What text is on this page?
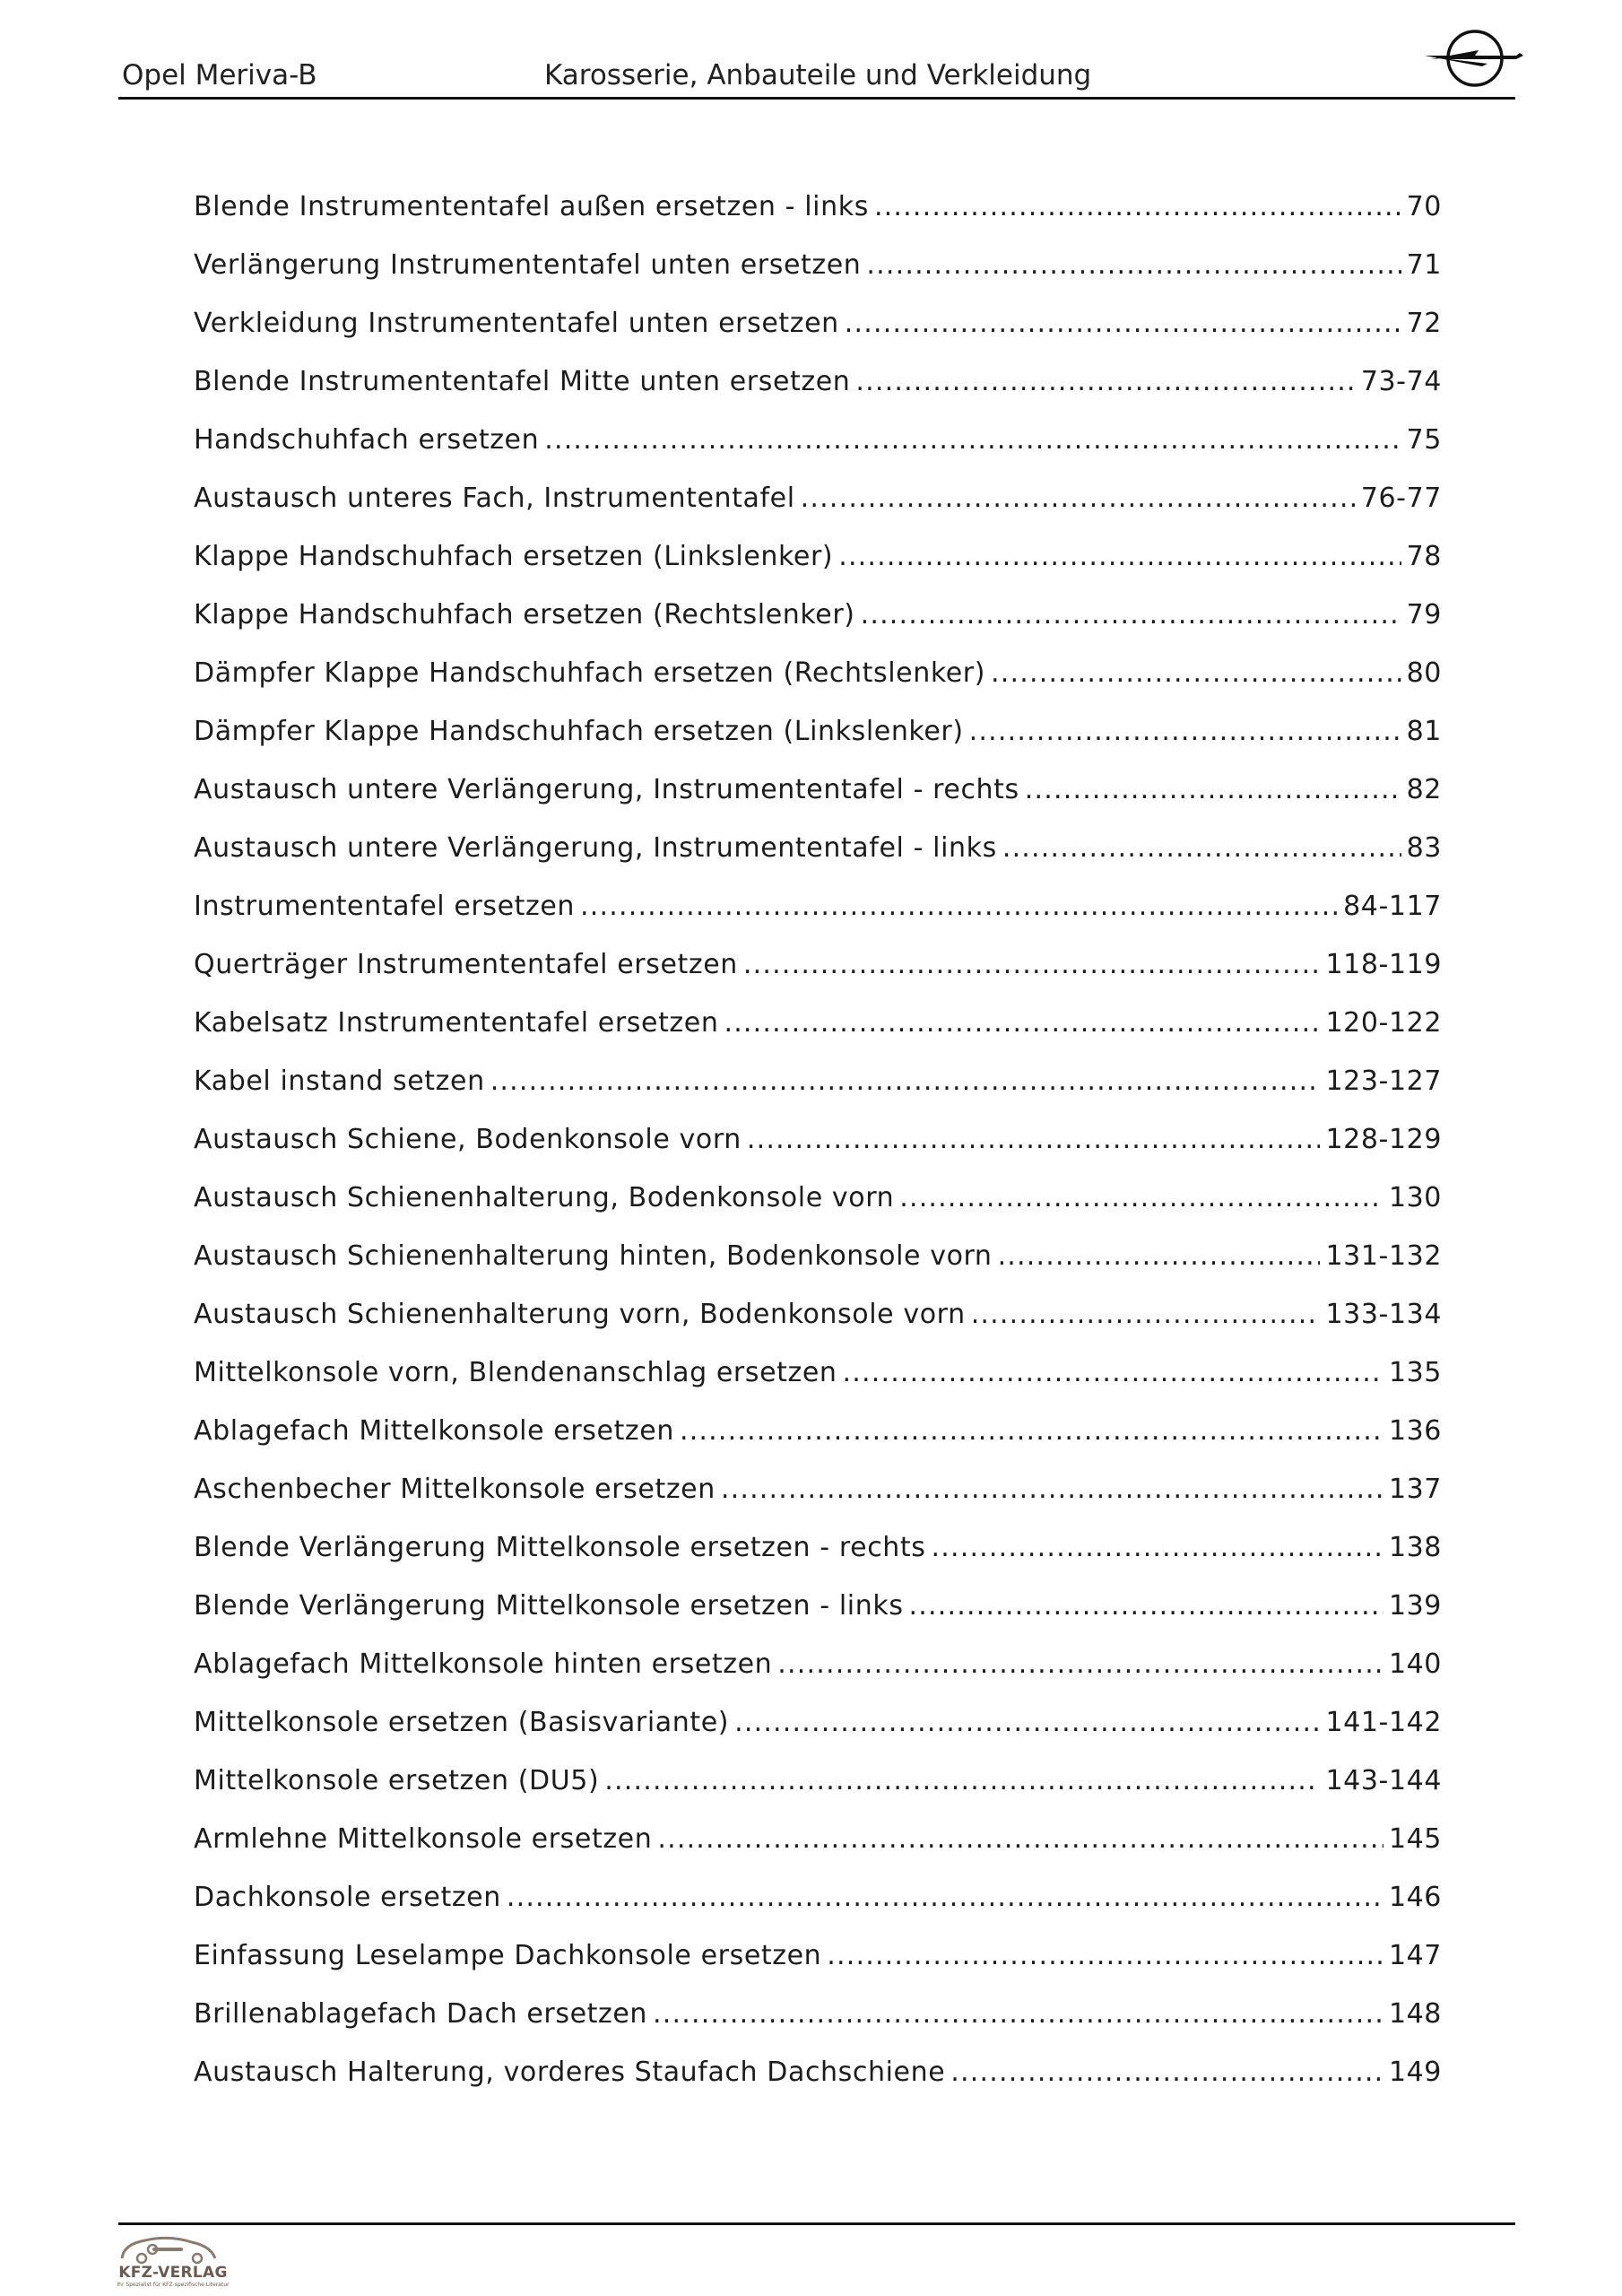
Opel Meriva-B	Karosserie, Anbauteile und Verkleidung
Blende Instrumententafel außen ersetzen - links .....	70
Verlängerung Instrumententafel unten ersetzen .....	71
Verkleidung Instrumententafel unten ersetzen .....	72
Blende Instrumententafel Mitte unten ersetzen .....	73-74
Handschuhfach ersetzen .....	75
Austausch unteres Fach, Instrumententafel .....	76-77
Klappe Handschuhfach ersetzen (Linkslenker) .....	78
Klappe Handschuhfach ersetzen (Rechtslenker) .....	79
Dämpfer Klappe Handschuhfach ersetzen (Rechtslenker) .....	80
Dämpfer Klappe Handschuhfach ersetzen (Linkslenker) .....	81
Austausch untere Verlängerung, Instrumententafel - rechts .....	82
Austausch untere Verlängerung, Instrumententafel - links .....	83
Instrumententafel ersetzen .....	84-117
Querträger Instrumententafel ersetzen .....	118-119
Kabelsatz Instrumententafel ersetzen .....	120-122
Kabel instand setzen .....	123-127
Austausch Schiene, Bodenkonsole vorn .....	128-129
Austausch Schienenhalterung, Bodenkonsole vorn .....	130
Austausch Schienenhalterung hinten, Bodenkonsole vorn .....	131-132
Austausch Schienenhalterung vorn, Bodenkonsole vorn .....	133-134
Mittelkonsole vorn, Blendenanschlag ersetzen .....	135
Ablagefach Mittelkonsole ersetzen .....	136
Aschenbecher Mittelkonsole ersetzen .....	137
Blende Verlängerung Mittelkonsole ersetzen - rechts .....	138
Blende Verlängerung Mittelkonsole ersetzen - links .....	139
Ablagefach Mittelkonsole hinten ersetzen .....	140
Mittelkonsole ersetzen (Basisvariante) .....	141-142
Mittelkonsole ersetzen (DU5) .....	143-144
Armlehne Mittelkonsole ersetzen .....	145
Dachkonsole ersetzen .....	146
Einfassung Leselampe Dachkonsole ersetzen .....	147
Brillenablagefach Dach ersetzen .....	148
Austausch Halterung, vorderes Staufach Dachschiene .....	149
KFZ-VERLAG
Ihr Spezialist für KFZ-spezifische Literatur
